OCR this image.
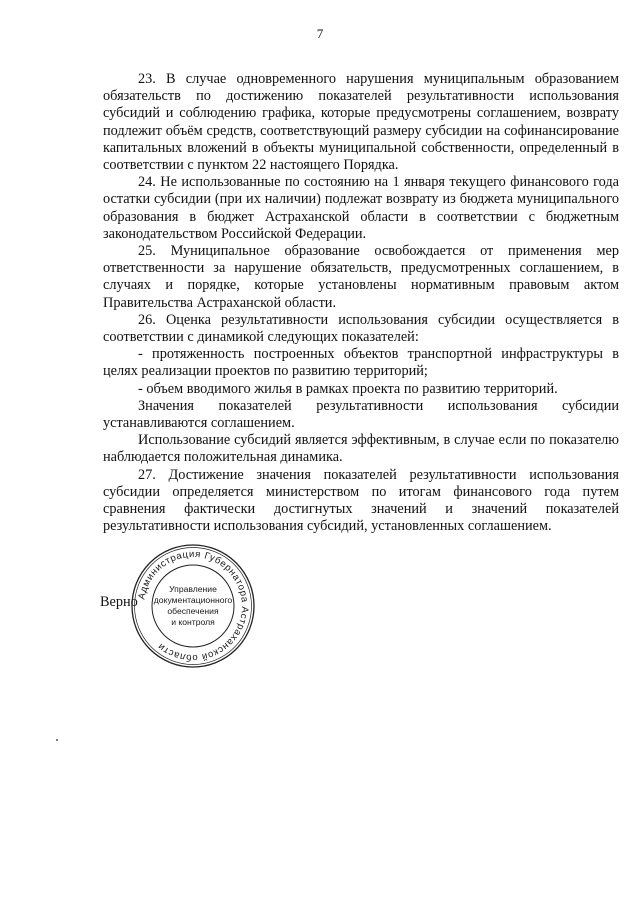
7

23. В случае одновременного нарушения муниципальным образованием обязательств по достижению показателей результативности использования субсидий и соблюдению графика, которые предусмотрены соглашением, возврату подлежит объём средств, соответствующий размеру субсидии на софинансирование капитальных вложений в объекты муниципальной собственности, определенный в соответствии с пунктом 22 настоящего Порядка.

24. Не использованные по состоянию на 1 января текущего финансового года остатки субсидии (при их наличии) подлежат возврату из бюджета муниципального образования в бюджет Астраханской области в соответствии с бюджетным законодательством Российской Федерации.

25. Муниципальное образование освобождается от применения мер ответственности за нарушение обязательств, предусмотренных соглашением, в случаях и порядке, которые установлены нормативным правовым актом Правительства Астраханской области.

26. Оценка результативности использования субсидии осуществляется в соответствии с динамикой следующих показателей:

- протяженность построенных объектов транспортной инфраструктуры в целях реализации проектов по развитию территорий;

- объем вводимого жилья в рамках проекта по развитию территорий.

Значения показателей результативности использования субсидии устанавливаются соглашением.

Использование субсидий является эффективным, в случае если по показателю наблюдается положительная динамика.

27. Достижение значения показателей результативности использования субсидии определяется министерством по итогам финансового года путем сравнения фактически достигнутых значений и значений показателей результативности использования субсидий, установленных соглашением.

Верно
Администрация Губернатора Астраханской области
Управление
документационного
обеспечения
и контроля
